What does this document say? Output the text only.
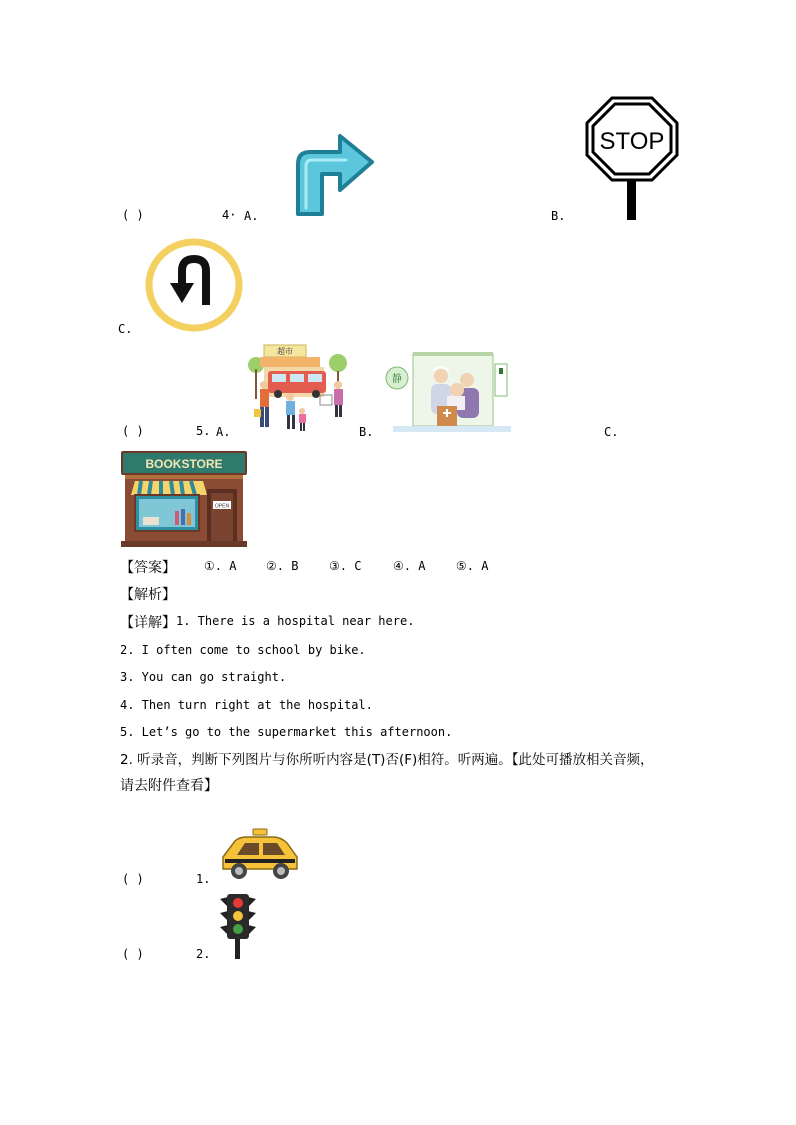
( )	4· A.	B.
STOP
C.
( )	5. A.
超市
B.
静
C.
BOOKSTORE
OPEN
【答案】 ①. A ②. B	③. C	④. A	⑤. A
【解析】
【详解】 1. There is a hospital near here.
2. I often come to school by bike.
3. You can go straight.
4. Then turn right at the hospital.
5. Let’s go to the supermarket this afternoon.
2. 听录音，判断下列图片与你所听内容是(T)否(F)相符。听两遍。【此处可播放相关音频，
请去附件查看】
( )	1.
( )	2.
